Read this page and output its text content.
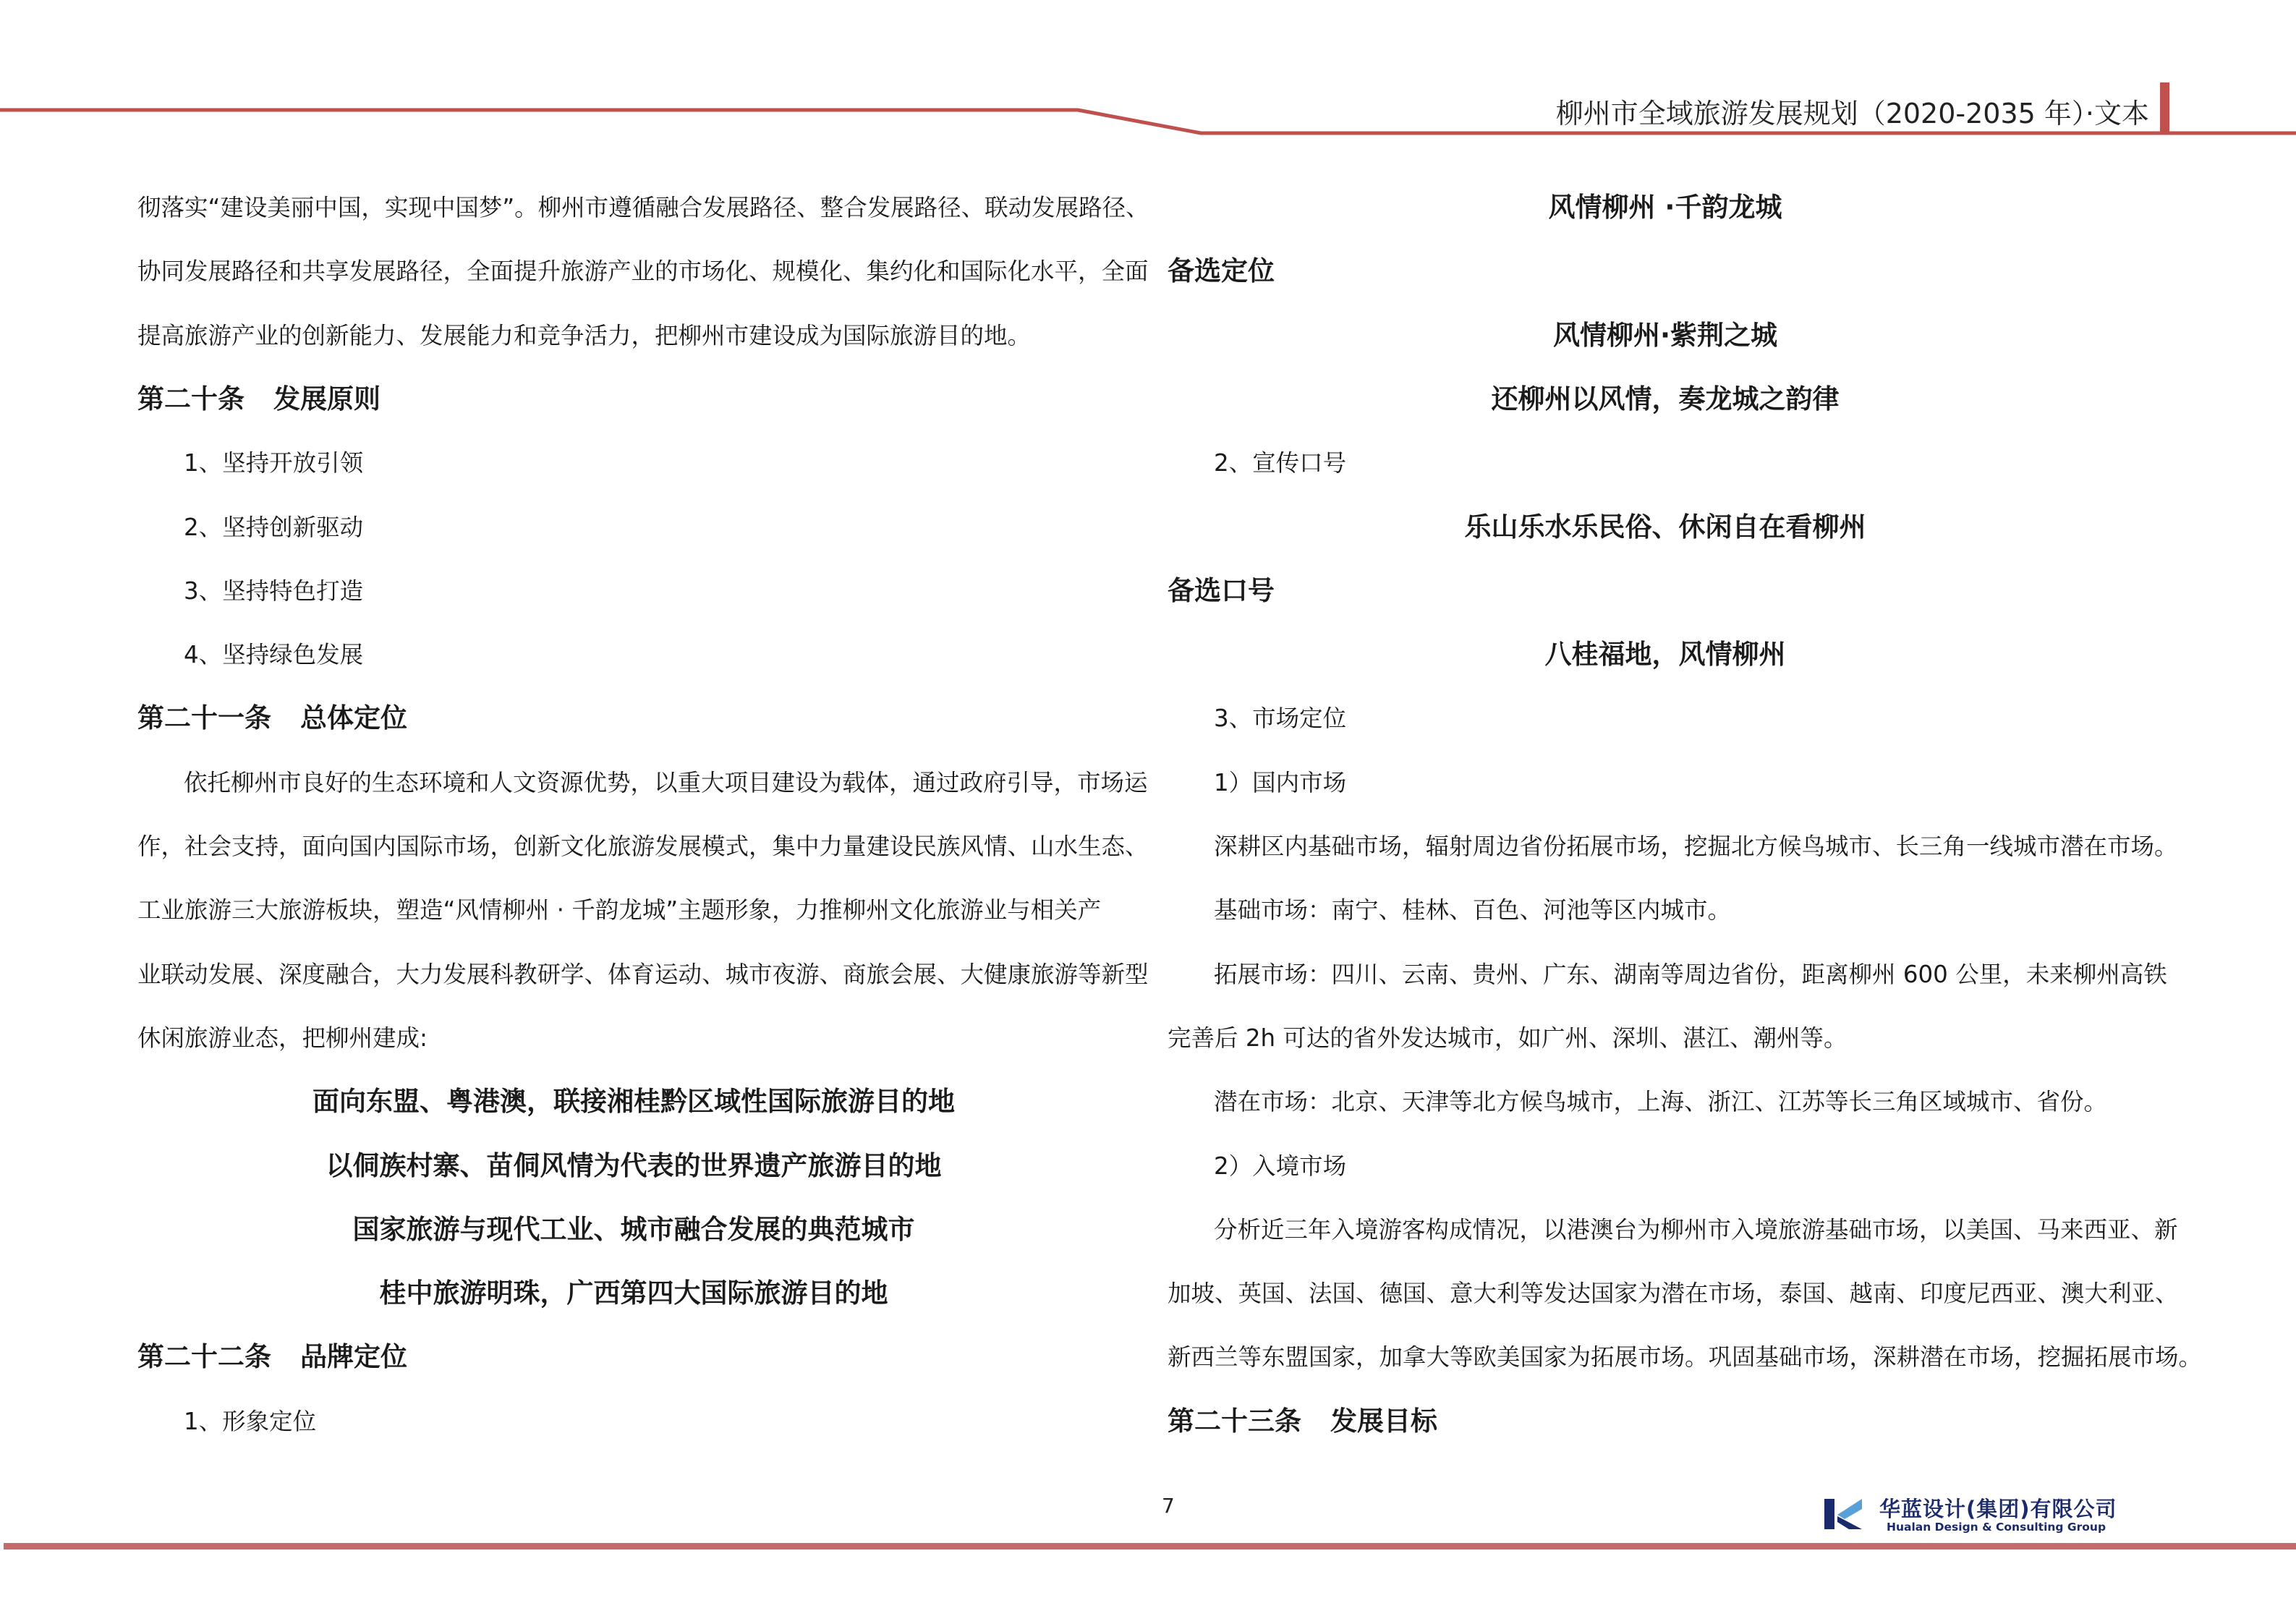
柳州市全域旅游发展规划（2020-2035 年）·文本
彻落实“建设美丽中国，实现中国梦”。柳州市遵循融合发展路径、整合发展路径、联动发展路径、
协同发展路径和共享发展路径，全面提升旅游产业的市场化、规模化、集约化和国际化水平，全面
提高旅游产业的创新能力、发展能力和竞争活力，把柳州市建设成为国际旅游目的地。
第二十条 发展原则
1、坚持开放引领
2、坚持创新驱动
3、坚持特色打造
4、坚持绿色发展
第二十一条 总体定位
依托柳州市良好的生态环境和人文资源优势，以重大项目建设为载体，通过政府引导，市场运
作，社会支持，面向国内国际市场，创新文化旅游发展模式，集中力量建设民族风情、山水生态、
工业旅游三大旅游板块，塑造“风情柳州 · 千韵龙城”主题形象，力推柳州文化旅游业与相关产
业联动发展、深度融合，大力发展科教研学、体育运动、城市夜游、商旅会展、大健康旅游等新型
休闲旅游业态，把柳州建成:
面向东盟、粤港澳，联接湘桂黔区域性国际旅游目的地
以侗族村寨、苗侗风情为代表的世界遗产旅游目的地
国家旅游与现代工业、城市融合发展的典范城市
桂中旅游明珠，广西第四大国际旅游目的地
第二十二条 品牌定位
1、形象定位
风情柳州 ·千韵龙城
备选定位
风情柳州·紫荆之城
还柳州以风情，奏龙城之韵律
2、宣传口号
乐山乐水乐民俗、休闲自在看柳州
备选口号
八桂福地，风情柳州
3、市场定位
1）国内市场
深耕区内基础市场，辐射周边省份拓展市场，挖掘北方候鸟城市、长三角一线城市潜在市场。
基础市场：南宁、桂林、百色、河池等区内城市。
拓展市场：四川、云南、贵州、广东、湖南等周边省份，距离柳州 600 公里，未来柳州高铁
完善后 2h 可达的省外发达城市，如广州、深圳、湛江、潮州等。
潜在市场：北京、天津等北方候鸟城市，上海、浙江、江苏等长三角区域城市、省份。
2）入境市场
分析近三年入境游客构成情况，以港澳台为柳州市入境旅游基础市场，以美国、马来西亚、新
加坡、英国、法国、德国、意大利等发达国家为潜在市场，泰国、越南、印度尼西亚、澳大利亚、
新西兰等东盟国家，加拿大等欧美国家为拓展市场。巩固基础市场，深耕潜在市场，挖掘拓展市场。
第二十三条 发展目标
7	华蓝设计(集团)有限公司
Hualan Design & Consulting Group
